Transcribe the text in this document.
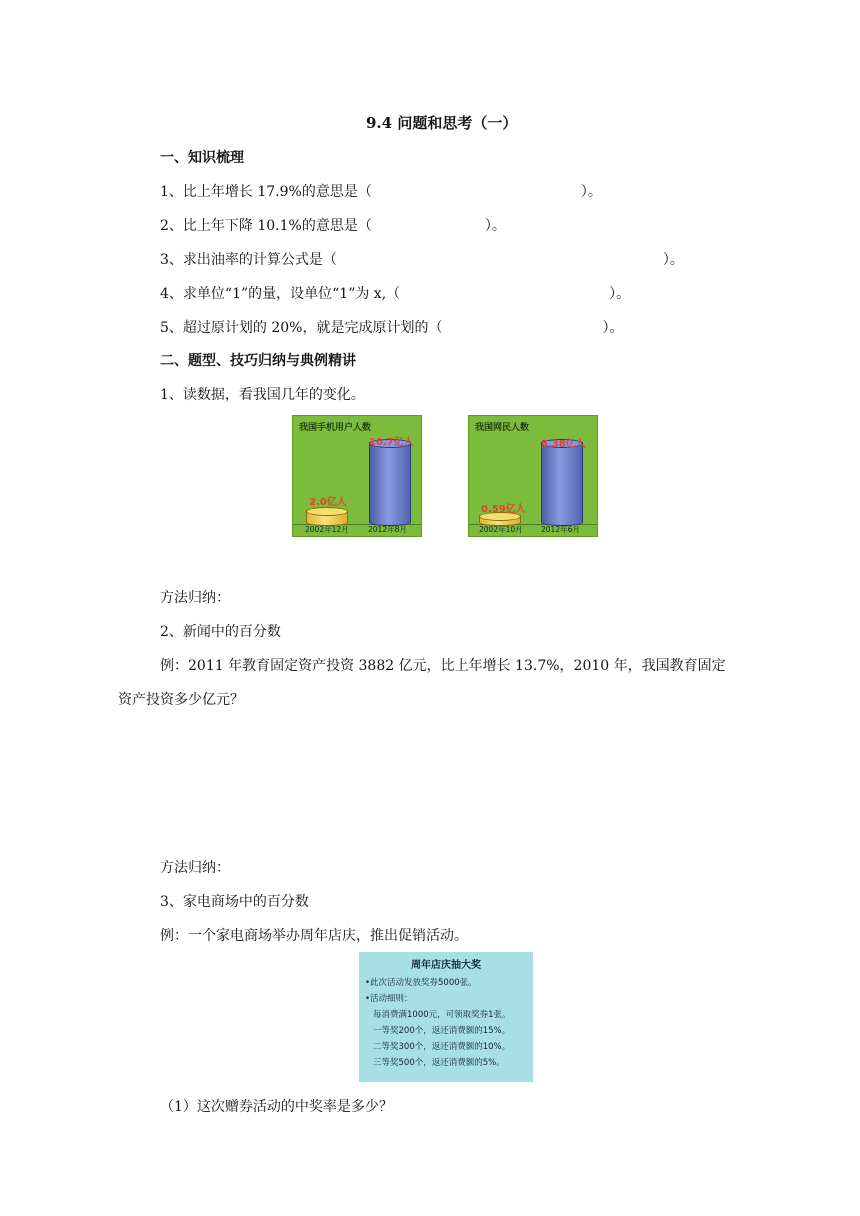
9.4 问题和思考（一）
一、知识梳理
1、比上年增长 17.9%的意思是（	）。
2、比上年下降 10.1%的意思是（	）。
3、求出油率的计算公式是（	）。
4、求单位“1”的量，设单位“1”为 x,（	）。
5、超过原计划的 20%，就是完成原计划的（	）。
二、题型、技巧归纳与典例精讲
1、读数据，看我国几年的变化。
我国手机用户人数
2.0亿人
10.7亿人
2002年12月	2012年8月
我国网民人数
0.59亿人
5.38亿人
2002年10月 2012年6月
方法归纳：
2、新闻中的百分数
例：2011 年教育固定资产投资 3882 亿元，比上年增长 13.7%，2010 年，我国教育固定
资产投资多少亿元？
方法归纳：
3、家电商场中的百分数
例：一个家电商场举办周年店庆，推出促销活动。
周年店庆抽大奖
•此次活动发放奖券5000张。
•活动细则：
每消费满1000元，可领取奖券1张。
一等奖200个，返还消费额的15%。
二等奖300个，返还消费额的10%。
三等奖500个，返还消费额的5%。
（1）这次赠券活动的中奖率是多少？
